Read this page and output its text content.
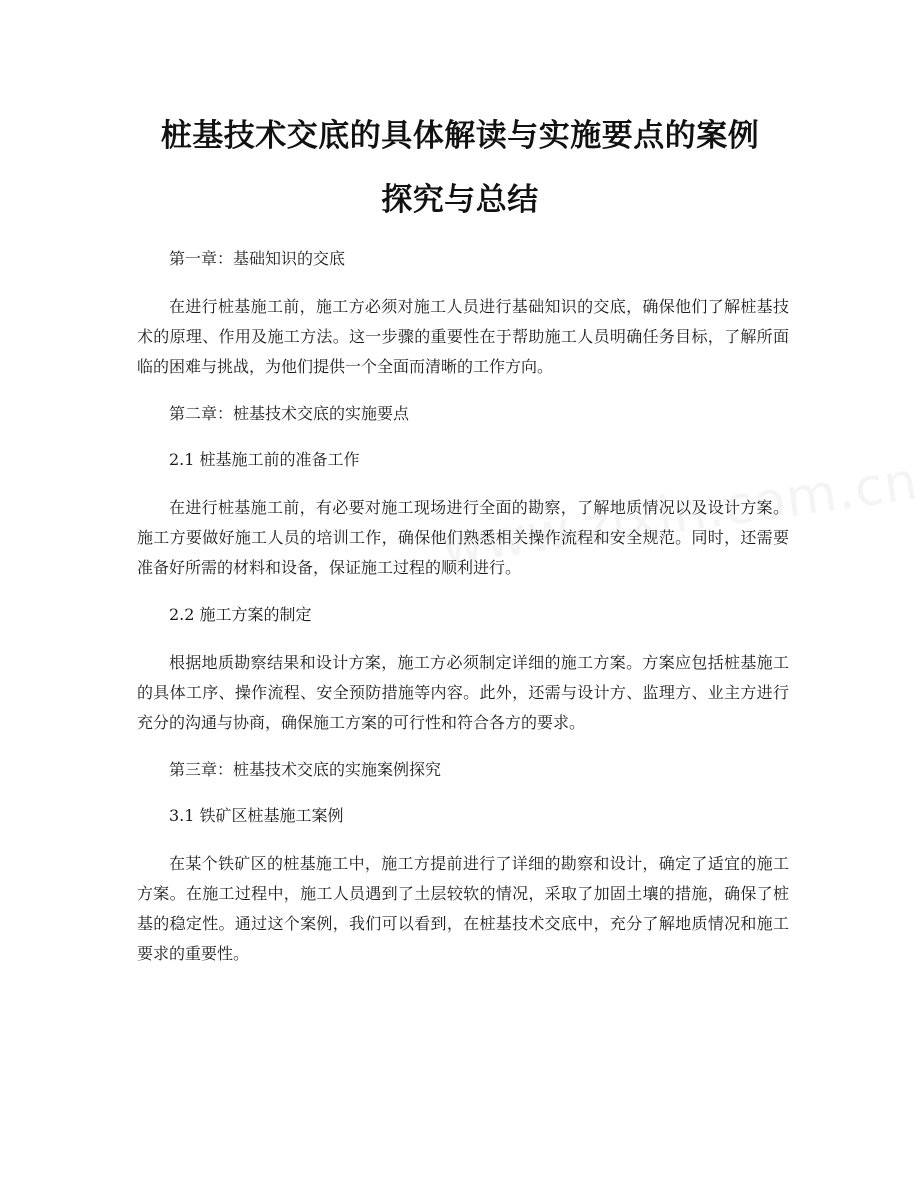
桩基技术交底的具体解读与实施要点的案例
探究与总结

第一章：基础知识的交底

在进行桩基施工前，施工方必须对施工人员进行基础知识的交底，确保他们了解桩基技术的原理、作用及施工方法。这一步骤的重要性在于帮助施工人员明确任务目标，了解所面临的困难与挑战，为他们提供一个全面而清晰的工作方向。

第二章：桩基技术交底的实施要点

2.1 桩基施工前的准备工作

在进行桩基施工前，有必要对施工现场进行全面的勘察，了解地质情况以及设计方案。施工方要做好施工人员的培训工作，确保他们熟悉相关操作流程和安全规范。同时，还需要准备好所需的材料和设备，保证施工过程的顺利进行。

2.2 施工方案的制定

根据地质勘察结果和设计方案，施工方必须制定详细的施工方案。方案应包括桩基施工的具体工序、操作流程、安全预防措施等内容。此外，还需与设计方、监理方、业主方进行充分的沟通与协商，确保施工方案的可行性和符合各方的要求。

第三章：桩基技术交底的实施案例探究

3.1 铁矿区桩基施工案例

在某个铁矿区的桩基施工中，施工方提前进行了详细的勘察和设计，确定了适宜的施工方案。在施工过程中，施工人员遇到了土层较软的情况，采取了加固土壤的措施，确保了桩基的稳定性。通过这个案例，我们可以看到，在桩基技术交底中，充分了解地质情况和施工要求的重要性。
